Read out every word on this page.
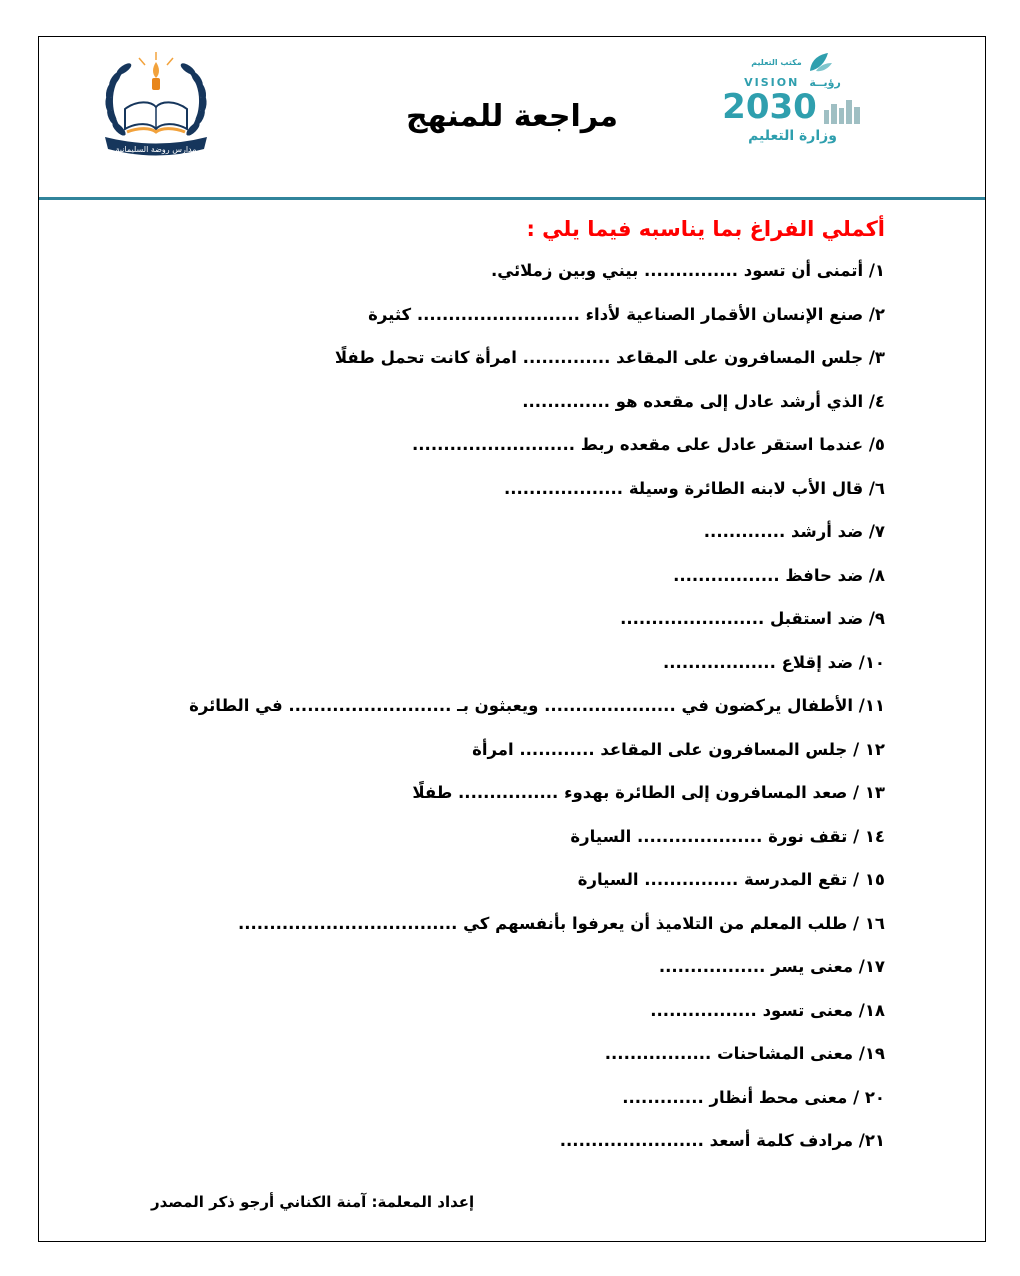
مدارس روضة السليمانية
مراجعة للمنهج
مكتب التعليم
VISION رؤيــة
2030
وزارة التعليم
أكملي الفراغ بما يناسبه فيما يلي :
١/ أتمنى أن تسود ............... بيني وبين زملائي.
٢/ صنع الإنسان الأقمار الصناعية لأداء .......................... كثيرة
٣/ جلس المسافرون على المقاعد .............. امرأة كانت تحمل طفلًا
٤/ الذي أرشد عادل إلى مقعده هو ..............
٥/ عندما استقر عادل على مقعده ربط ..........................
٦/ قال الأب لابنه الطائرة وسيلة ...................
٧/ ضد أرشد .............
٨/ ضد حافظ .................
٩/ ضد استقبل .......................
١٠/ ضد إقلاع ..................
١١/ الأطفال يركضون في ..................... ويعبثون بـ .......................... في الطائرة
١٢ / جلس المسافرون على المقاعد ............ امرأة
١٣ / صعد المسافرون إلى الطائرة بهدوء ................ طفلًا
١٤ / تقف نورة .................... السيارة
١٥ / تقع المدرسة ............... السيارة
١٦ / طلب المعلم من التلاميذ أن يعرفوا بأنفسهم كي ...................................
١٧/ معنى يسر .................
١٨/ معنى تسود .................
١٩/ معنى المشاحنات .................
٢٠ / معنى محط أنظار .............
٢١/ مرادف كلمة أسعد .......................
إعداد المعلمة: آمنة الكناني أرجو ذكر المصدر
